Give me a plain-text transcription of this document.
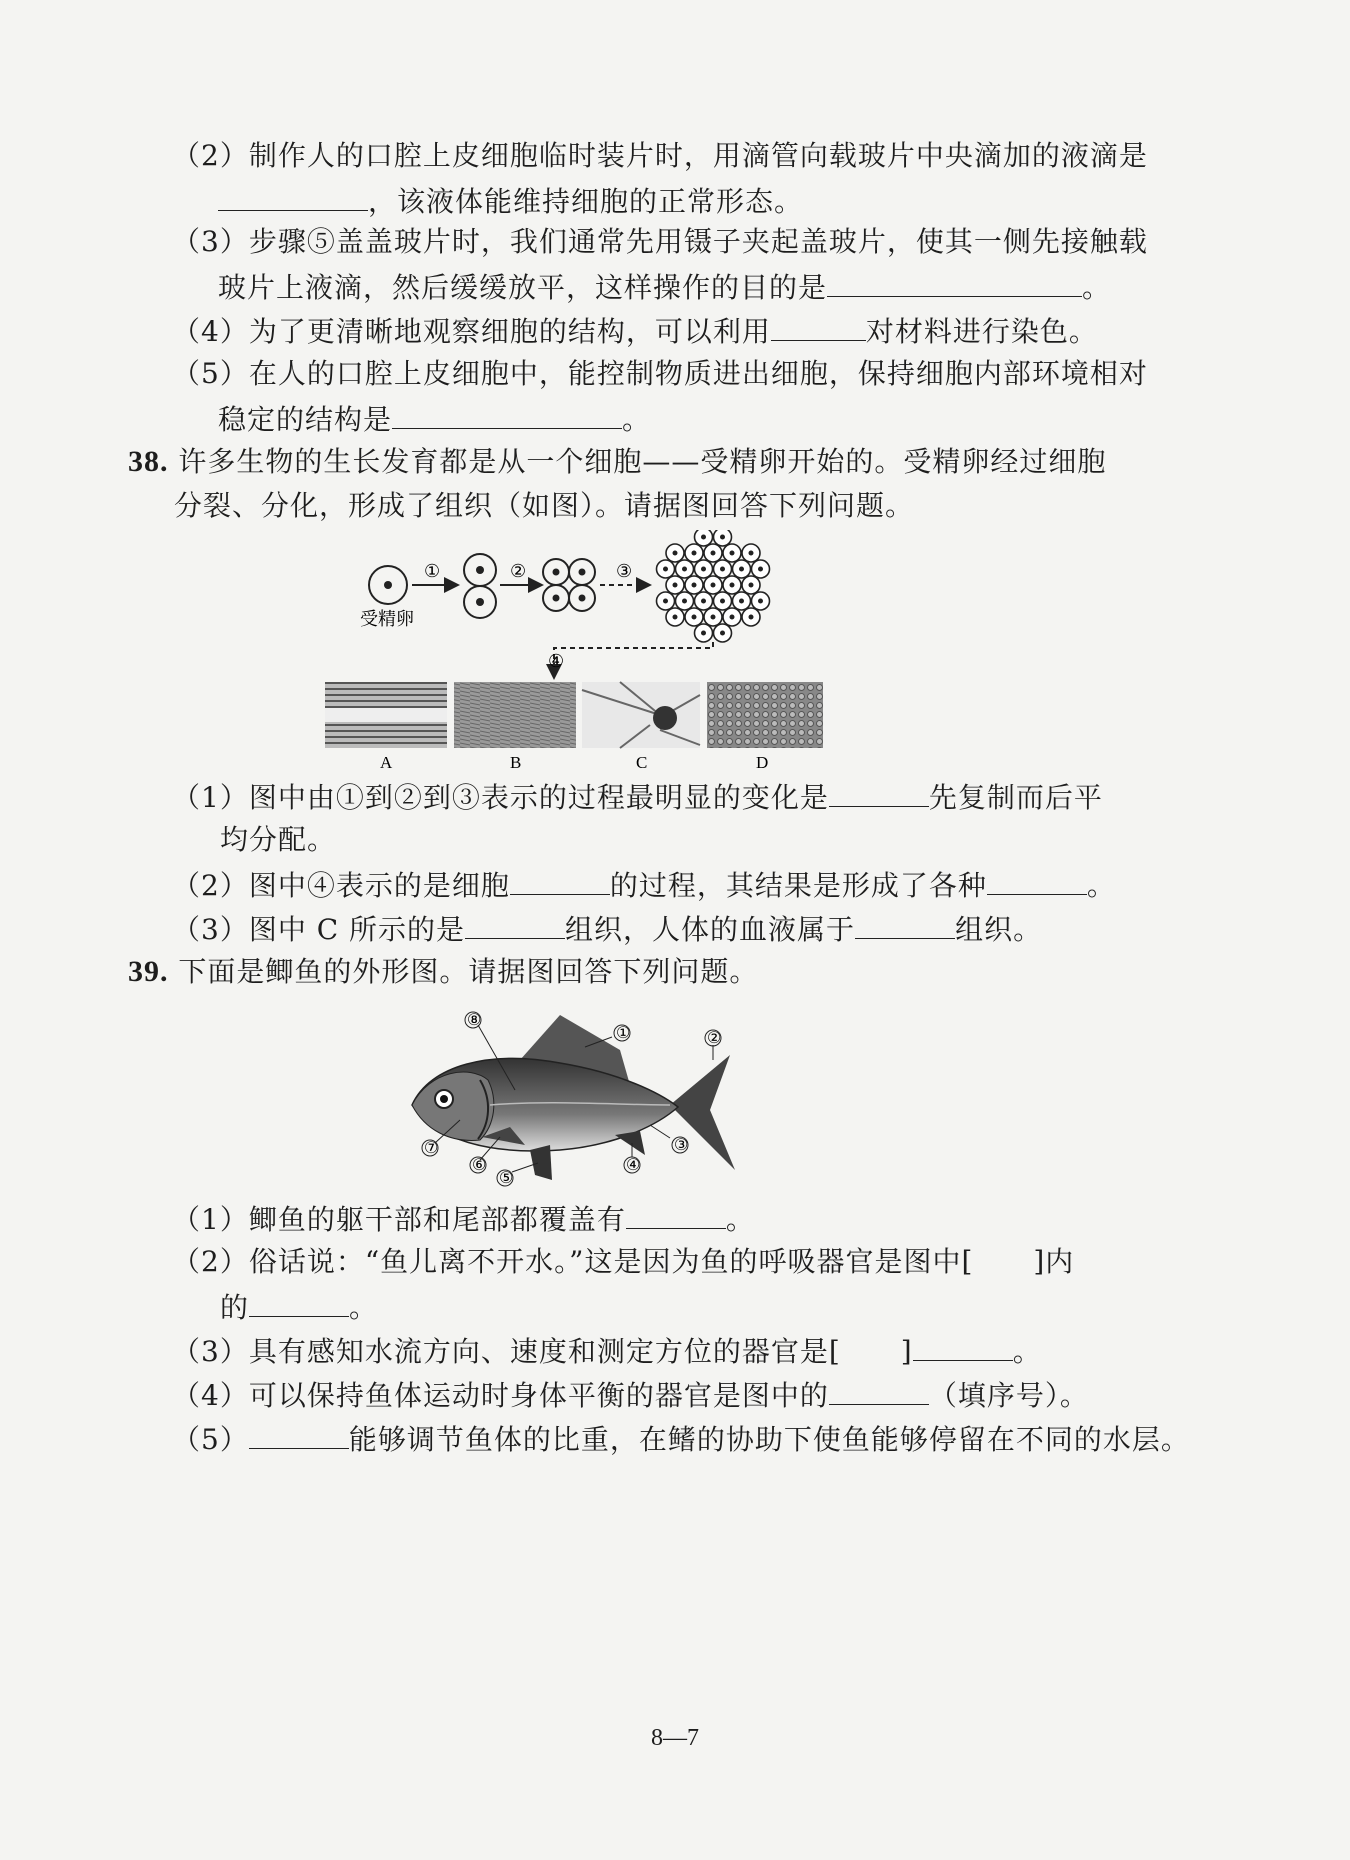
（2）制作人的口腔上皮细胞临时装片时，用滴管向载玻片中央滴加的液滴是
，该液体能维持细胞的正常形态。
（3）步骤⑤盖盖玻片时，我们通常先用镊子夹起盖玻片，使其一侧先接触载
玻片上液滴，然后缓缓放平，这样操作的目的是	。
（4）为了更清晰地观察细胞的结构，可以利用	对材料进行染色。
（5）在人的口腔上皮细胞中，能控制物质进出细胞，保持细胞内部环境相对
稳定的结构是	。
38. 许多生物的生长发育都是从一个细胞——受精卵开始的。受精卵经过细胞
分裂、分化，形成了组织（如图）。请据图回答下列问题。
受精卵
①	②	③
④
A	B	C	D
（1）图中由①到②到③表示的过程最明显的变化是	先复制而后平
均分配。
（2）图中④表示的是细胞	的过程，其结果是形成了各种	。
（3）图中 C 所示的是	组织，人体的血液属于	组织。
39. 下面是鲫鱼的外形图。请据图回答下列问题。
①	②
③
④
⑤
⑥
⑦
⑧
（1）鲫鱼的躯干部和尾部都覆盖有	。
（2）俗话说：“鱼儿离不开水。”这是因为鱼的呼吸器官是图中[ ]内
的	。
（3）具有感知水流方向、速度和测定方位的器官是[ ]	。
（4）可以保持鱼体运动时身体平衡的器官是图中的	（填序号）。
（5）	能够调节鱼体的比重，在鳍的协助下使鱼能够停留在不同的水层。
8—7
